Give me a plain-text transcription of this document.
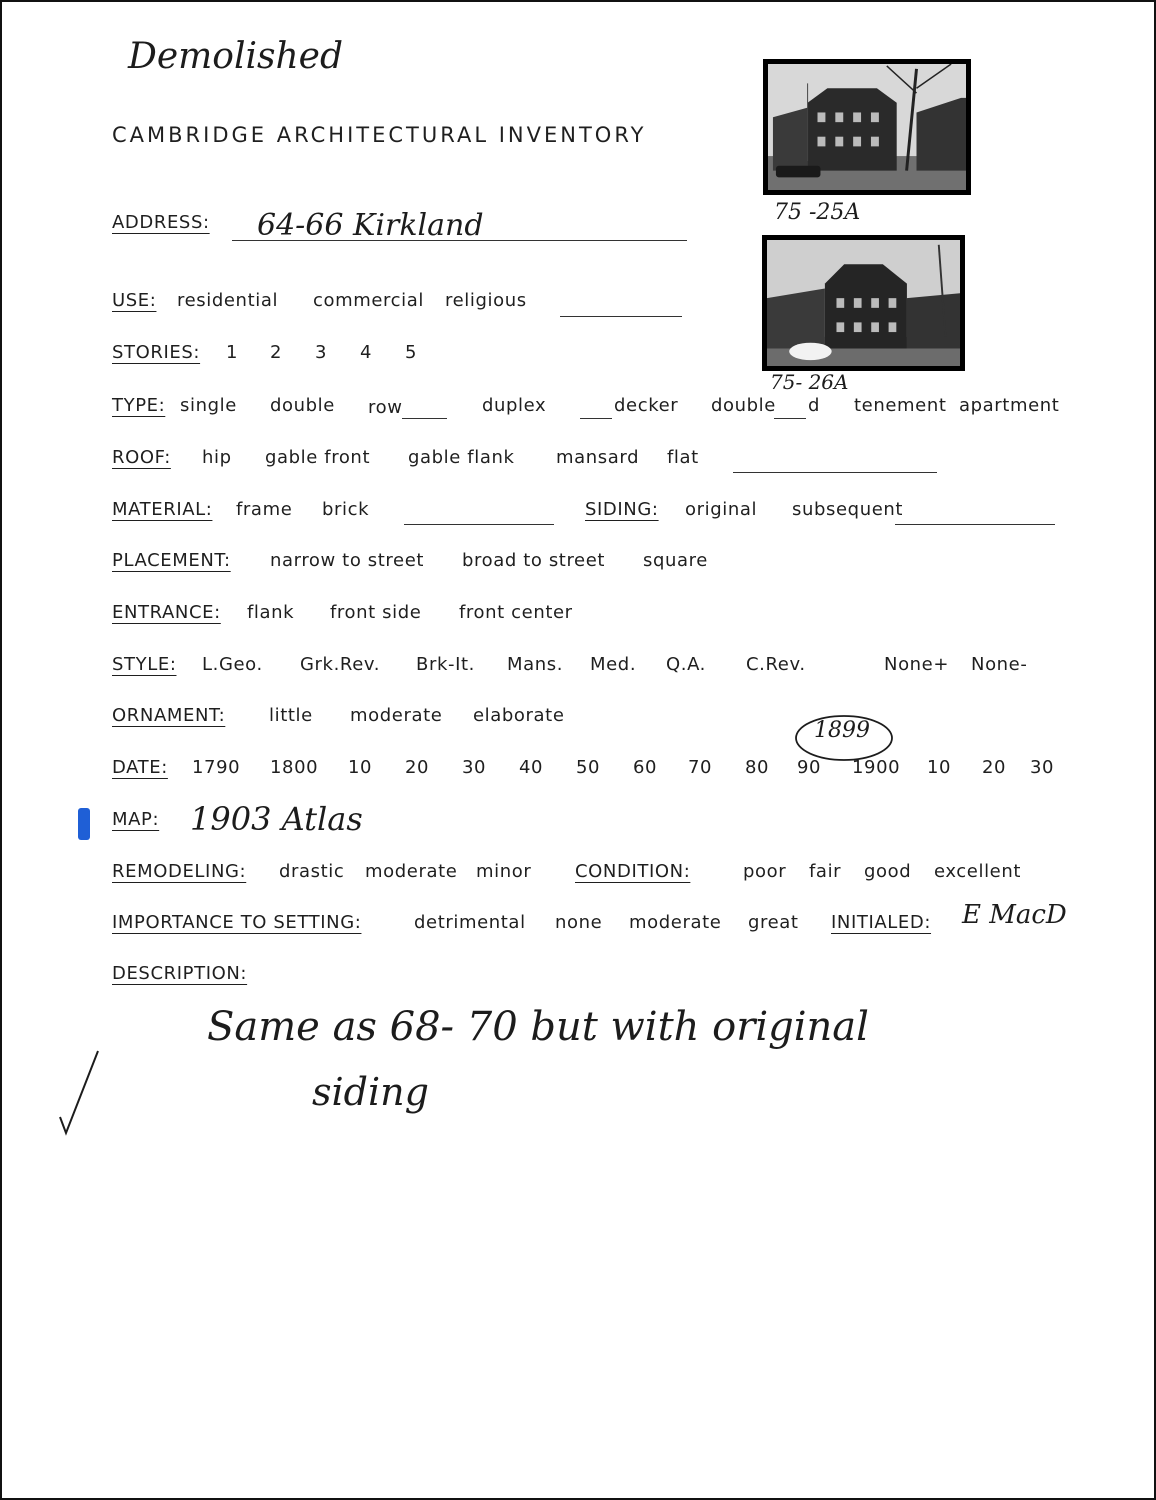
Demolished
CAMBRIDGE ARCHITECTURAL INVENTORY
75 -25A
75- 26A
ADDRESS: 64-66 Kirkland
USE: residential commercial religious
STORIES: 1 2 3 4 5
TYPE: single double row	duplex	decker double d tenement apartment
ROOF: hip gable front gable flank mansard flat
MATERIAL: frame brick	SIDING: original subsequent
PLACEMENT: narrow to street broad to street square
ENTRANCE: flank front side front center
STYLE: L.Geo. Grk.Rev. Brk-It. Mans. Med. Q.A. C.Rev.	None+ None-
ORNAMENT: little moderate elaborate
DATE: 1790 1800 10 20 30 40 50 60 70 80 90 1900 10 20 30
1899
MAP: 1903 Atlas
REMODELING: drastic moderate minor CONDITION:	poor fair good excellent
IMPORTANCE TO SETTING:	detrimental none moderate great INITIALED: E MacD
DESCRIPTION:
Same as 68- 70 but with original
siding
